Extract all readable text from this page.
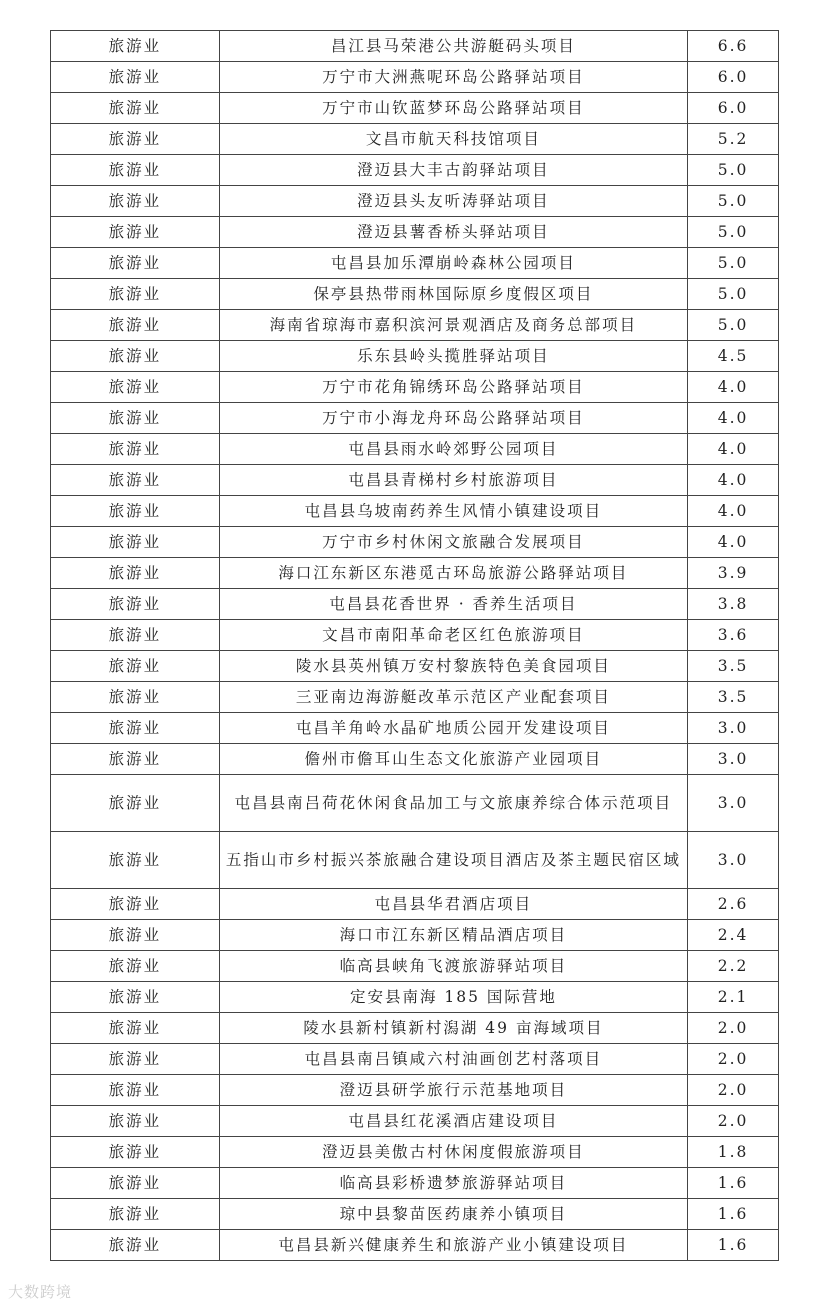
旅游业	昌江县马荣港公共游艇码头项目	6.6
旅游业	万宁市大洲燕呢环岛公路驿站项目	6.0
旅游业	万宁市山钦蓝梦环岛公路驿站项目	6.0
旅游业	文昌市航天科技馆项目	5.2
旅游业	澄迈县大丰古韵驿站项目	5.0
旅游业	澄迈县头友听涛驿站项目	5.0
旅游业	澄迈县薯香桥头驿站项目	5.0
旅游业	屯昌县加乐潭崩岭森林公园项目	5.0
旅游业	保亭县热带雨林国际原乡度假区项目	5.0
旅游业	海南省琼海市嘉积滨河景观酒店及商务总部项目	5.0
旅游业	乐东县岭头揽胜驿站项目	4.5
旅游业	万宁市花角锦绣环岛公路驿站项目	4.0
旅游业	万宁市小海龙舟环岛公路驿站项目	4.0
旅游业	屯昌县雨水岭郊野公园项目	4.0
旅游业	屯昌县青梯村乡村旅游项目	4.0
旅游业	屯昌县乌坡南药养生风情小镇建设项目	4.0
旅游业	万宁市乡村休闲文旅融合发展项目	4.0
旅游业	海口江东新区东港觅古环岛旅游公路驿站项目	3.9
旅游业	屯昌县花香世界 · 香养生活项目	3.8
旅游业	文昌市南阳革命老区红色旅游项目	3.6
旅游业	陵水县英州镇万安村黎族特色美食园项目	3.5
旅游业	三亚南边海游艇改革示范区产业配套项目	3.5
旅游业	屯昌羊角岭水晶矿地质公园开发建设项目	3.0
旅游业	儋州市儋耳山生态文化旅游产业园项目	3.0
旅游业	屯昌县南吕荷花休闲食品加工与文旅康养综合体示范项目	3.0
旅游业	五指山市乡村振兴茶旅融合建设项目酒店及茶主题民宿区域	3.0
旅游业	屯昌县华君酒店项目	2.6
旅游业	海口市江东新区精品酒店项目	2.4
旅游业	临高县峡角飞渡旅游驿站项目	2.2
旅游业	定安县南海 185 国际营地	2.1
旅游业	陵水县新村镇新村潟湖 49 亩海域项目	2.0
旅游业	屯昌县南吕镇咸六村油画创艺村落项目	2.0
旅游业	澄迈县研学旅行示范基地项目	2.0
旅游业	屯昌县红花溪酒店建设项目	2.0
旅游业	澄迈县美傲古村休闲度假旅游项目	1.8
旅游业	临高县彩桥遗梦旅游驿站项目	1.6
旅游业	琼中县黎苗医药康养小镇项目	1.6
旅游业	屯昌县新兴健康养生和旅游产业小镇建设项目	1.6
大数跨境
